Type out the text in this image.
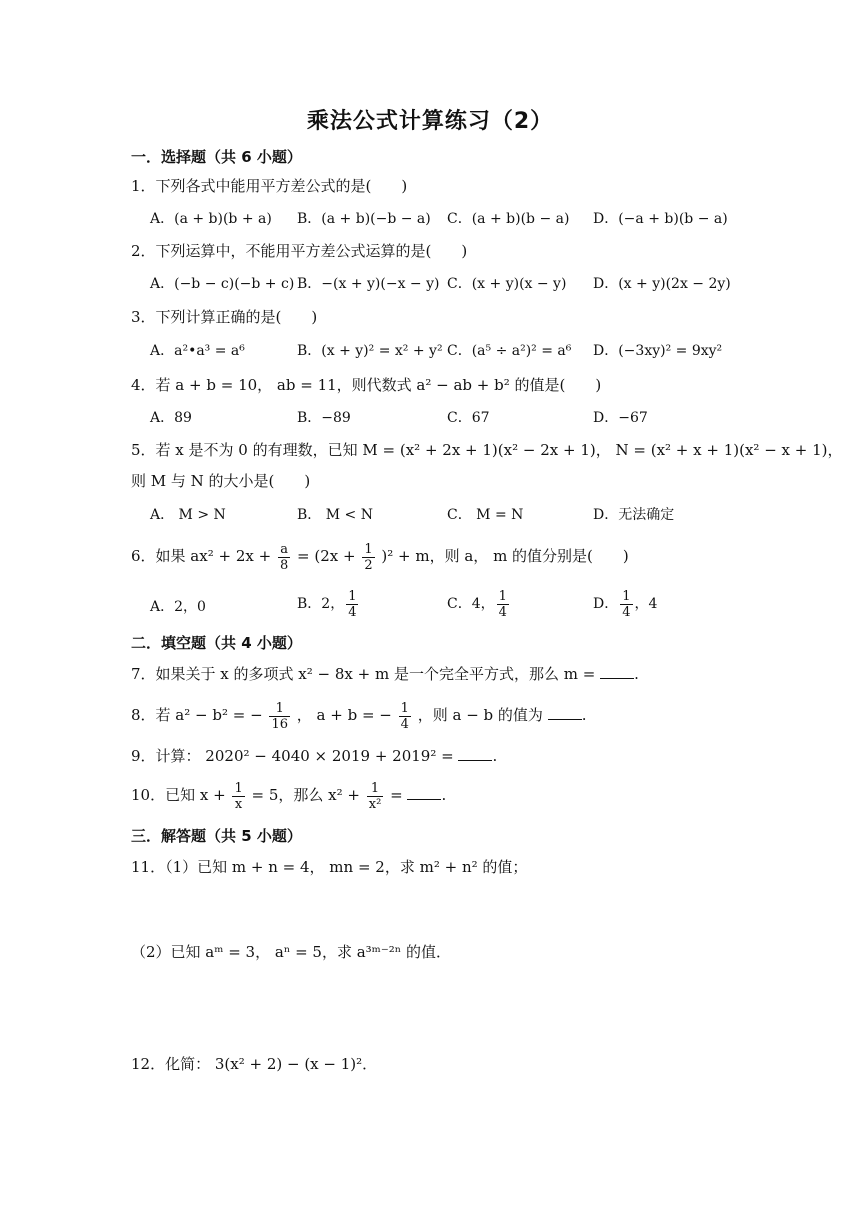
乘法公式计算练习（2）
一．选择题（共 6 小题）
1．下列各式中能用平方差公式的是(　　)
A．(a + b)(b + a) B．(a + b)(−b − a) C．(a + b)(b − a) D．(−a + b)(b − a)
2．下列运算中，不能用平方差公式运算的是(　　)
A．(−b − c)(−b + c) B．−(x + y)(−x − y) C．(x + y)(x − y) D．(x + y)(2x − 2y)
3．下列计算正确的是(　　)
A．a²•a³ = a⁶	B．(x + y)² = x² + y² C．(a⁵ ÷ a²)² = a⁶ D．(−3xy)² = 9xy²
4．若 a + b = 10， ab = 11，则代数式 a² − ab + b² 的值是(　　)
A．89	B．−89	C．67	D．−67
5．若 x 是不为 0 的有理数，已知 M = (x² + 2x + 1)(x² − 2x + 1)， N = (x² + x + 1)(x² − x + 1)，
则 M 与 N 的大小是(　　)
A． M > N	B． M < N	C． M = N	D．无法确定
6．如果 $ax^2 + 2x + \frac{a}{8} = (2x + \frac{1}{2} )^2 + m$，则 a， m 的值分别是(　　)
A．2，0	B．2， $\frac{1}{4}$	C．4， $\frac{1}{4}$	D． $\frac{1}{4}$ ，4
二．填空题（共 4 小题）
7．如果关于 x 的多项式 x² − 8x + m 是一个完全平方式，那么 m =	.
8．若 a² − b² = − $\frac{1}{16}$ ， a + b = − $\frac{1}{4}$ ，则 a − b 的值为	.
9．计算： 2020² − 4040 × 2019 + 2019² =	.
10．已知 $x + \frac{1}{x} = 5$，那么 $x^2 + \frac{1}{\text{x²}}$ =	.
三．解答题（共 5 小题）
11．（1）已知 m + n = 4， mn = 2，求 m² + n² 的值；
（2）已知 aᵐ = 3， aⁿ = 5，求 a³ᵐ⁻²ⁿ 的值．
12．化简： 3(x² + 2) − (x − 1)²．
